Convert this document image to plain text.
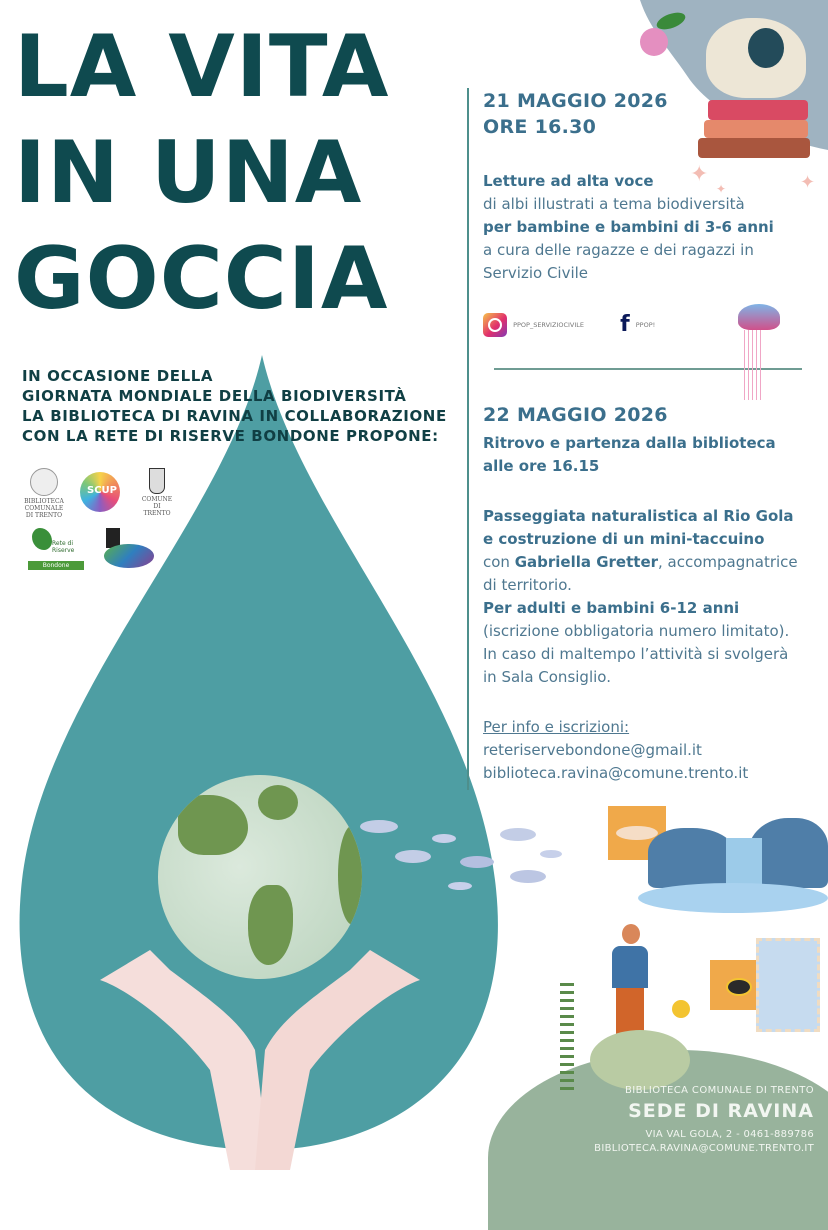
LA VITA
IN UNA
GOCCIA
IN OCCASIONE DELLA
GIORNATA MONDIALE DELLA BIODIVERSITÀ
LA BIBLIOTECA DI RAVINA IN COLLABORAZIONE
CON LA RETE DI RISERVE BONDONE PROPONE:
BIBLIOTECA COMUNALE DI TRENTO
SCUP
COMUNE DI TRENTO
Rete di Riserve
Bondone
✦
✦	✦
21 MAGGIO 2026
ORE 16.30
Letture ad alta voce
di albi illustrati a tema biodiversità
per bambine e bambini di 3-6 anni
a cura delle ragazze e dei ragazzi in
Servizio Civile
PPOP_SERVIZIOCIVILE f PPOP!
22 MAGGIO 2026
Ritrovo e partenza dalla biblioteca
alle ore 16.15
Passeggiata naturalistica al Rio Gola
e costruzione di un mini-taccuino
con Gabriella Gretter, accompagnatrice
di territorio.
Per adulti e bambini 6-12 anni
(iscrizione obbligatoria numero limitato).
In caso di maltempo l’attività si svolgerà
in Sala Consiglio.
Per info e iscrizioni:
reteriservebondone@gmail.it
biblioteca.ravina@comune.trento.it
BIBLIOTECA COMUNALE DI TRENTO
SEDE DI RAVINA
VIA VAL GOLA, 2 - 0461-889786
BIBLIOTECA.RAVINA@COMUNE.TRENTO.IT
